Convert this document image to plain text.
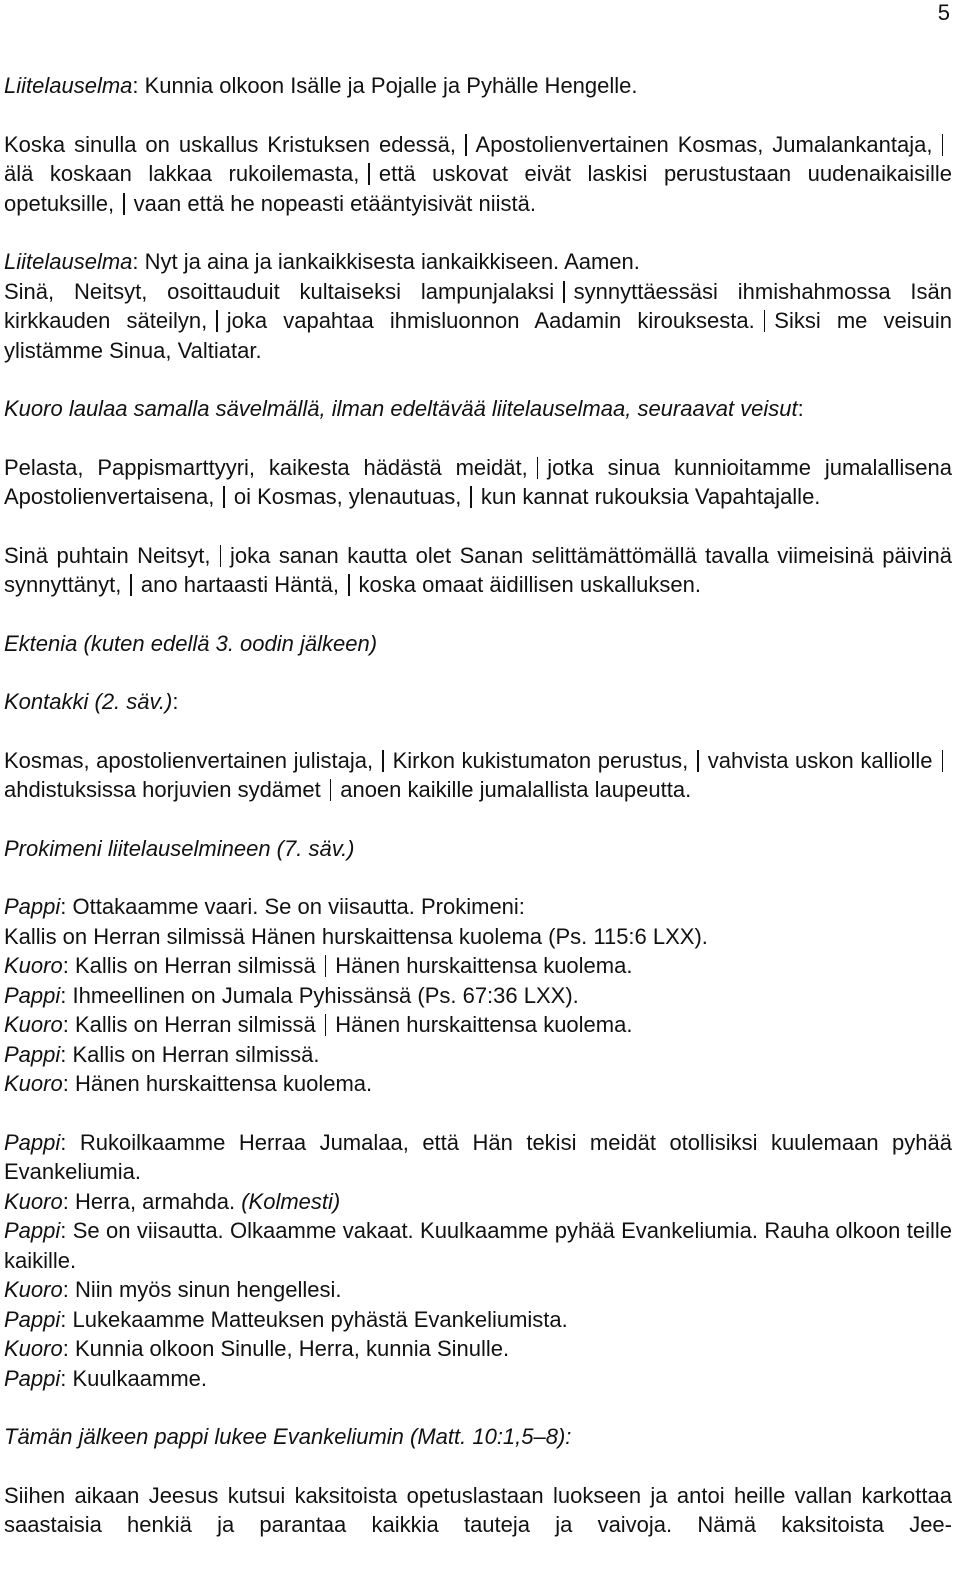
5

Liitelauselma: Kunnia olkoon Isälle ja Pojalle ja Pyhälle Hengelle.

Koska sinulla on uskallus Kristuksen edessä, Apostolienvertainen Kosmas, Jumalankantaja,älä koskaan lakkaa rukoilemasta, että uskovat eivät laskisi perustustaan uudenaikaisille opetuksille, vaan että he nopeasti etääntyisivät niistä.

Liitelauselma: Nyt ja aina ja iankaikkisesta iankaikkiseen. Aamen.

Sinä, Neitsyt, osoittauduit kultaiseksi lampunjalaksi synnyttäessäsi ihmishahmossa Isän kirkkauden säteilyn, joka vapahtaa ihmisluonnon Aadamin kirouksesta. Siksi me veisuin ylistämme Sinua, Valtiatar.

Kuoro laulaa samalla sävelmällä, ilman edeltävää liitelauselmaa, seuraavat veisut:

Pelasta, Pappismarttyyri, kaikesta hädästä meidät, jotka sinua kunnioitamme jumalallisena Apostolienvertaisena, oi Kosmas, ylenautuas, kun kannat rukouksia Vapahtajalle.

Sinä puhtain Neitsyt, joka sanan kautta olet Sanan selittämättömällä tavalla viimeisinä päivinä synnyttänyt, ano hartaasti Häntä, koska omaat äidillisen uskalluksen.

Ektenia (kuten edellä 3. oodin jälkeen)

Kontakki (2. säv.):

Kosmas, apostolienvertainen julistaja, Kirkon kukistumaton perustus, vahvista uskon kalliolleahdistuksissa horjuvien sydämet anoen kaikille jumalallista laupeutta.

Prokimeni liitelauselmineen (7. säv.)

Pappi: Ottakaamme vaari. Se on viisautta. Prokimeni:

Kallis on Herran silmissä Hänen hurskaittensa kuolema (Ps. 115:6 LXX).

Kuoro: Kallis on Herran silmissä Hänen hurskaittensa kuolema.

Pappi: Ihmeellinen on Jumala Pyhissänsä (Ps. 67:36 LXX).

Kuoro: Kallis on Herran silmissä Hänen hurskaittensa kuolema.

Pappi: Kallis on Herran silmissä.

Kuoro: Hänen hurskaittensa kuolema.

Pappi: Rukoilkaamme Herraa Jumalaa, että Hän tekisi meidät otollisiksi kuulemaan pyhää Evankeliumia.

Kuoro: Herra, armahda. (Kolmesti)

Pappi: Se on viisautta. Olkaamme vakaat. Kuulkaamme pyhää Evankeliumia. Rauha olkoon teille kaikille.

Kuoro: Niin myös sinun hengellesi.

Pappi: Lukekaamme Matteuksen pyhästä Evankeliumista.

Kuoro: Kunnia olkoon Sinulle, Herra, kunnia Sinulle.

Pappi: Kuulkaamme.

Tämän jälkeen pappi lukee Evankeliumin (Matt. 10:1,5–8):

Siihen aikaan Jeesus kutsui kaksitoista opetuslastaan luokseen ja antoi heille vallan karkottaa saastaisia henkiä ja parantaa kaikkia tauteja ja vaivoja. Nämä kaksitoista Jee-
